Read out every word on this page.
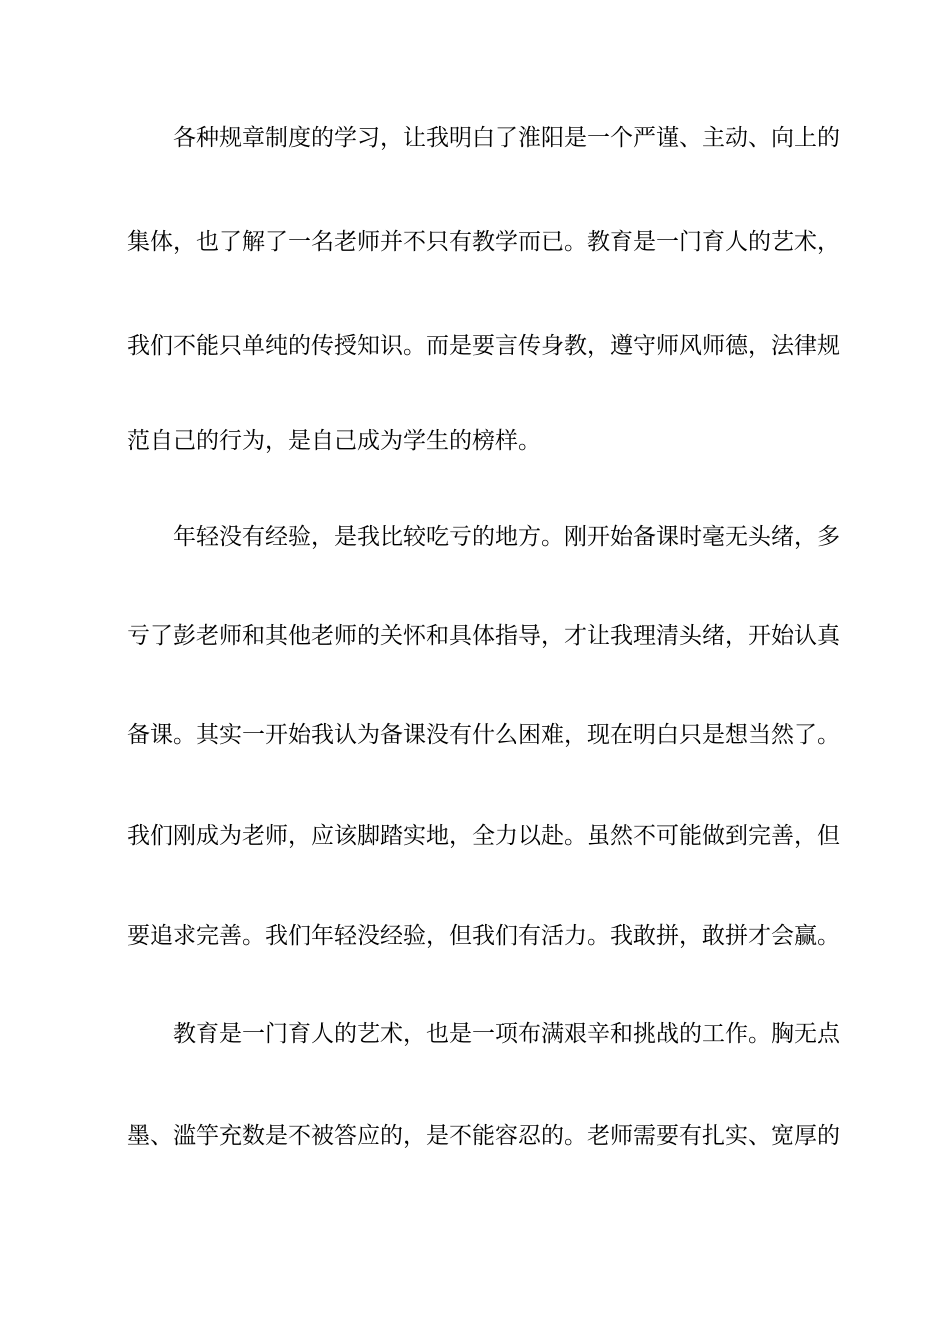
各种规章制度的学习，让我明白了淮阳是一个严谨、主动、向上的
集体，也了解了一名老师并不只有教学而已。教育是一门育人的艺术，
我们不能只单纯的传授知识。而是要言传身教，遵守师风师德，法律规
范自己的行为，是自己成为学生的榜样。
年轻没有经验，是我比较吃亏的地方。刚开始备课时毫无头绪，多
亏了彭老师和其他老师的关怀和具体指导，才让我理清头绪，开始认真
备课。其实一开始我认为备课没有什么困难，现在明白只是想当然了。
我们刚成为老师，应该脚踏实地，全力以赴。虽然不可能做到完善，但
要追求完善。我们年轻没经验，但我们有活力。我敢拼，敢拼才会赢。
教育是一门育人的艺术，也是一项布满艰辛和挑战的工作。胸无点
墨、滥竽充数是不被答应的，是不能容忍的。老师需要有扎实、宽厚的
